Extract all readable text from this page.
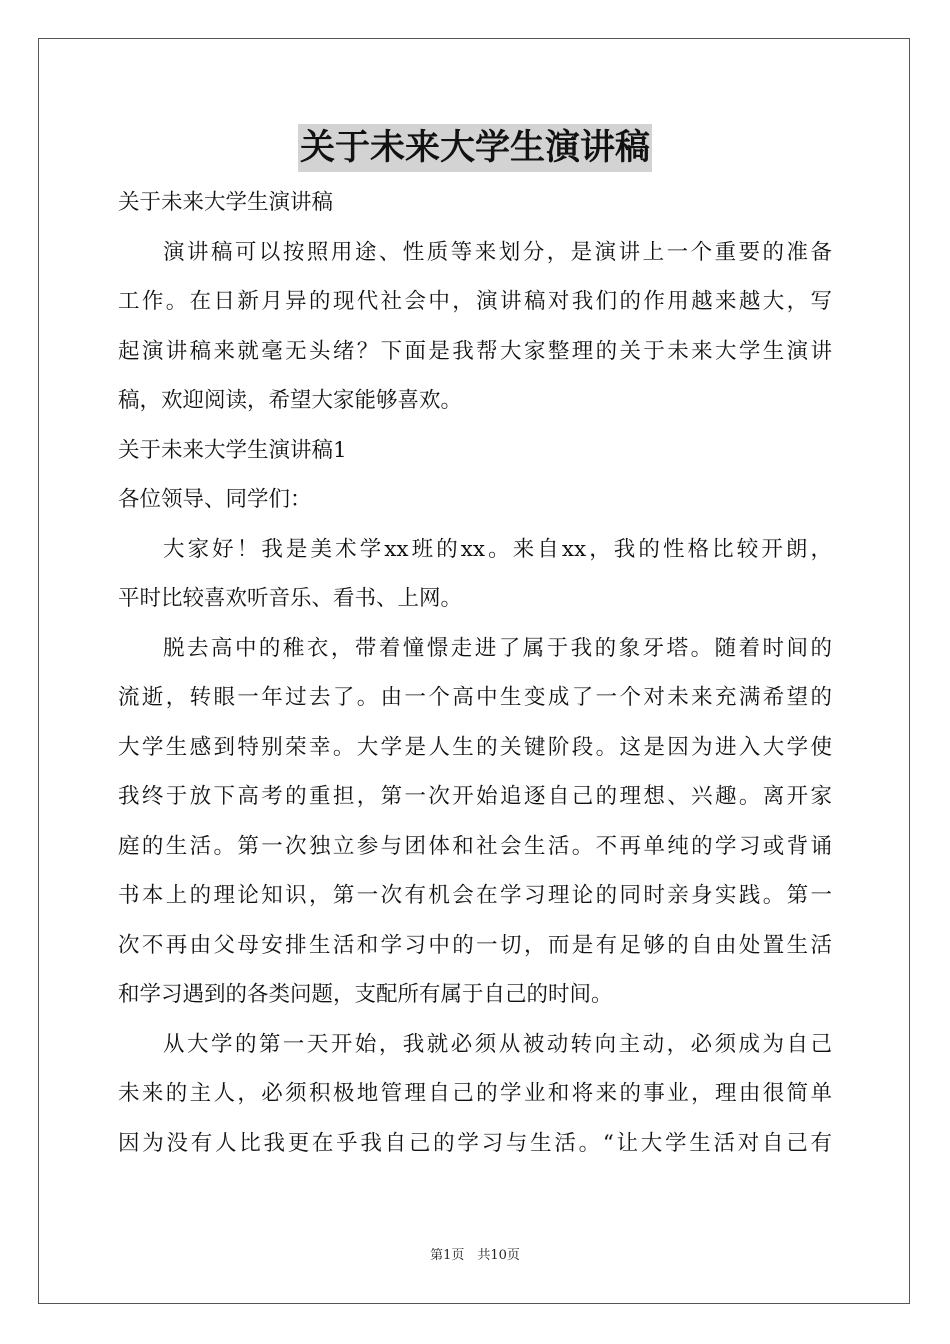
关于未来大学生演讲稿
关于未来大学生演讲稿
演讲稿可以按照用途、性质等来划分，是演讲上一个重要的准备
工作。在日新月异的现代社会中，演讲稿对我们的作用越来越大，写
起演讲稿来就毫无头绪？下面是我帮大家整理的关于未来大学生演讲
稿，欢迎阅读，希望大家能够喜欢。
关于未来大学生演讲稿1
各位领导、同学们：
大家好！我是美术学xx班的xx。来自xx，我的性格比较开朗，
平时比较喜欢听音乐、看书、上网。
脱去高中的稚衣，带着憧憬走进了属于我的象牙塔。随着时间的
流逝，转眼一年过去了。由一个高中生变成了一个对未来充满希望的
大学生感到特别荣幸。大学是人生的关键阶段。这是因为进入大学使
我终于放下高考的重担，第一次开始追逐自己的理想、兴趣。离开家
庭的生活。第一次独立参与团体和社会生活。不再单纯的学习或背诵
书本上的理论知识，第一次有机会在学习理论的同时亲身实践。第一
次不再由父母安排生活和学习中的一切，而是有足够的自由处置生活
和学习遇到的各类问题，支配所有属于自己的时间。
从大学的第一天开始，我就必须从被动转向主动，必须成为自己
未来的主人，必须积极地管理自己的学业和将来的事业，理由很简单
因为没有人比我更在乎我自己的学习与生活。“让大学生活对自己有
第1页　共10页
